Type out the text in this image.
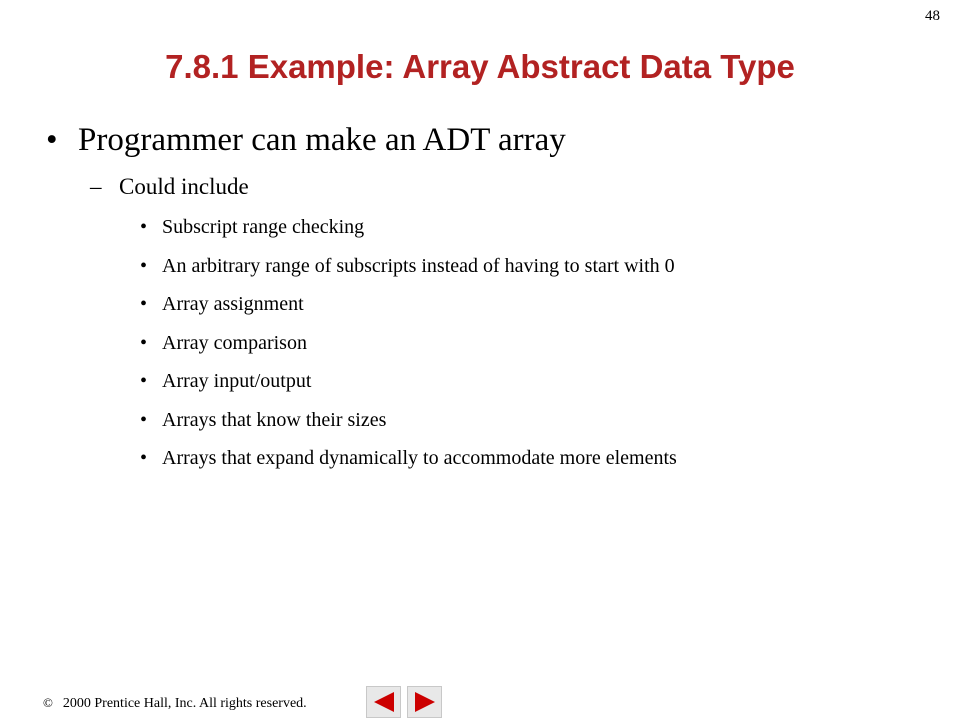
48
7.8.1 Example: Array Abstract Data Type
• Programmer can make an ADT array
– Could include
• Subscript range checking
• An arbitrary range of subscripts instead of having to start with 0
• Array assignment
• Array comparison
• Array input/output
• Arrays that know their sizes
• Arrays that expand dynamically to accommodate more elements
© 2000 Prentice Hall, Inc. All rights reserved.
